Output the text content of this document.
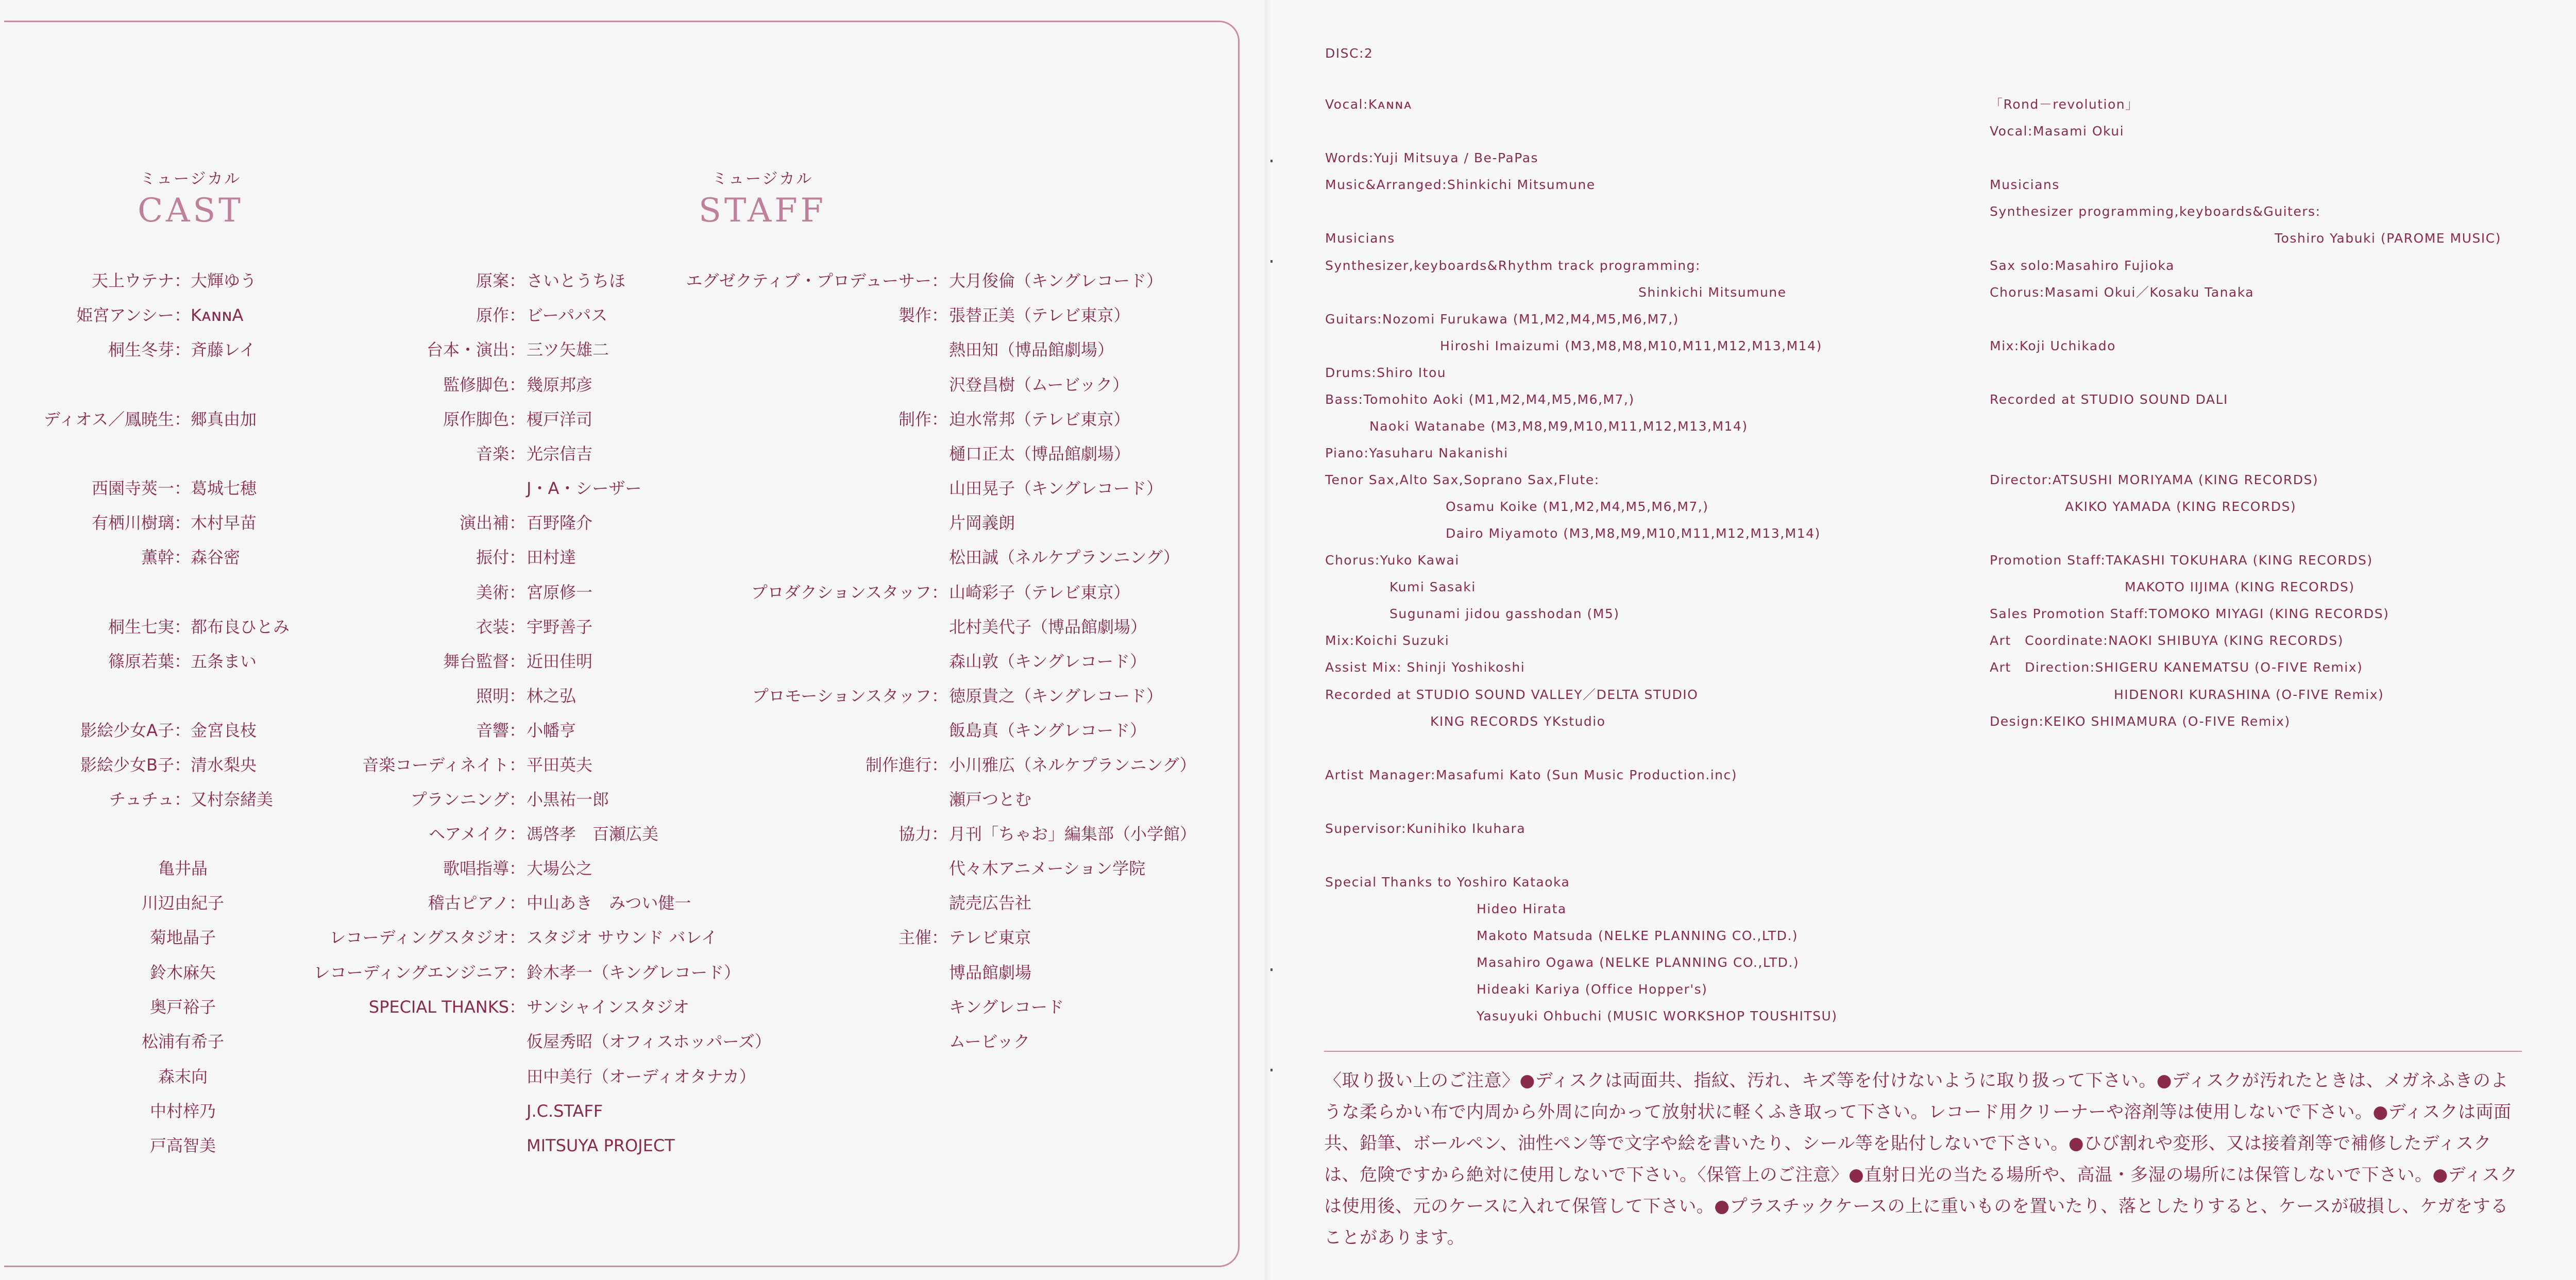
ミュージカル
CAST
ミュージカル
STAFF
天上ウテナ： 大輝ゆう
姫宮アンシー： KᴀɴɴA
桐生冬芽： 斉藤レイ
ディオス／鳳暁生： 郷真由加
西園寺莢一： 葛城七穂
有栖川樹璃： 木村早苗
薫幹： 森谷密
桐生七実： 都布良ひとみ
篠原若葉： 五条まい
影絵少女A子： 金宮良枝
影絵少女B子： 清水梨央
チュチュ： 又村奈緒美
亀井晶
川辺由紀子
菊地晶子
鈴木麻矢
奥戸裕子
松浦有希子
森末向
中村梓乃
戸高智美
原案： さいとうちほ
原作： ビーパパス
台本・演出： 三ツ矢雄二
監修脚色： 幾原邦彦
原作脚色： 榎戸洋司
音楽： 光宗信吉
J・A・シーザー
演出補： 百野隆介
振付： 田村達
美術： 宮原修一
衣装： 宇野善子
舞台監督： 近田佳明
照明： 林之弘
音響： 小幡亨
音楽コーディネイト： 平田英夫
プランニング： 小黒祐一郎
ヘアメイク： 馮啓孝　百瀬広美
歌唱指導： 大場公之
稽古ピアノ： 中山あき　みつい健一
レコーディングスタジオ： スタジオ サウンド バレイ
レコーディングエンジニア： 鈴木孝一（キングレコード）
SPECIAL THANKS： サンシャインスタジオ
仮屋秀昭（オフィスホッパーズ）
田中美行（オーディオタナカ）
J.C.STAFF
MITSUYA PROJECT
エグゼクティブ・プロデューサー： 大月俊倫（キングレコード）
製作： 張替正美（テレビ東京）
熱田知（博品館劇場）
沢登昌樹（ムービック）
制作： 迫水常邦（テレビ東京）
樋口正太（博品館劇場）
山田晃子（キングレコード）
片岡義朗
松田誠（ネルケプランニング）
プロダクションスタッフ： 山崎彩子（テレビ東京）
北村美代子（博品館劇場）
森山敦（キングレコード）
プロモーションスタッフ： 徳原貴之（キングレコード）
飯島真（キングレコード）
制作進行： 小川雅広（ネルケプランニング）
瀬戸つとむ
協力： 月刊「ちゃお」編集部（小学館）
代々木アニメーション学院
読売広告社
主催： テレビ東京
博品館劇場
キングレコード
ムービック
DISC:2
Vocal:Kᴀɴɴᴀ
Words:Yuji Mitsuya / Be-PaPas
Music&Arranged:Shinkichi Mitsumune
Musicians
Synthesizer,keyboards&Rhythm track programming:
Shinkichi Mitsumune
Guitars:Nozomi Furukawa (M1,M2,M4,M5,M6,M7,)
Hiroshi Imaizumi (M3,M8,M8,M10,M11,M12,M13,M14)
Drums:Shiro Itou
Bass:Tomohito Aoki (M1,M2,M4,M5,M6,M7,)
Naoki Watanabe (M3,M8,M9,M10,M11,M12,M13,M14)
Piano:Yasuharu Nakanishi
Tenor Sax,Alto Sax,Soprano Sax,Flute:
Osamu Koike (M1,M2,M4,M5,M6,M7,)
Dairo Miyamoto (M3,M8,M9,M10,M11,M12,M13,M14)
Chorus:Yuko Kawai
Kumi Sasaki
Sugunami jidou gasshodan (M5)
Mix:Koichi Suzuki
Assist Mix: Shinji Yoshikoshi
Recorded at STUDIO SOUND VALLEY／DELTA STUDIO
KING RECORDS YKstudio
Artist Manager:Masafumi Kato (Sun Music Production.inc)
Supervisor:Kunihiko Ikuhara
Special Thanks to Yoshiro Kataoka
Hideo Hirata
Makoto Matsuda (NELKE PLANNING CO.,LTD.)
Masahiro Ogawa (NELKE PLANNING CO.,LTD.)
Hideaki Kariya (Office Hopper's)
Yasuyuki Ohbuchi (MUSIC WORKSHOP TOUSHITSU)
「Rond－revolution」
Vocal:Masami Okui
Musicians
Synthesizer programming,keyboards&Guiters:
Toshiro Yabuki (PAROME MUSIC)
Sax solo:Masahiro Fujioka
Chorus:Masami Okui／Kosaku Tanaka
Mix:Koji Uchikado
Recorded at STUDIO SOUND DALI
Director:ATSUSHI MORIYAMA (KING RECORDS)
AKIKO YAMADA (KING RECORDS)
Promotion Staff:TAKASHI TOKUHARA (KING RECORDS)
MAKOTO IIJIMA (KING RECORDS)
Sales Promotion Staff:TOMOKO MIYAGI (KING RECORDS)
Art　Coordinate:NAOKI SHIBUYA (KING RECORDS)
Art　Direction:SHIGERU KANEMATSU (O-FIVE Remix)
HIDENORI KURASHINA (O-FIVE Remix)
Design:KEIKO SHIMAMURA (O-FIVE Remix)
〈取り扱い上のご注意〉●ディスクは両面共、指紋、汚れ、キズ等を付けないように取り扱って下さい。●ディスクが汚れたときは、メガネふきのような柔らかい布で内周から外周に向かって放射状に軽くふき取って下さい。レコード用クリーナーや溶剤等は使用しないで下さい。●ディスクは両面共、鉛筆、ボールペン、油性ペン等で文字や絵を書いたり、シール等を貼付しないで下さい。●ひび割れや変形、又は接着剤等で補修したディスクは、危険ですから絶対に使用しないで下さい。〈保管上のご注意〉●直射日光の当たる場所や、高温・多湿の場所には保管しないで下さい。●ディスクは使用後、元のケースに入れて保管して下さい。●プラスチックケースの上に重いものを置いたり、落としたりすると、ケースが破損し、ケガをすることがあります。
